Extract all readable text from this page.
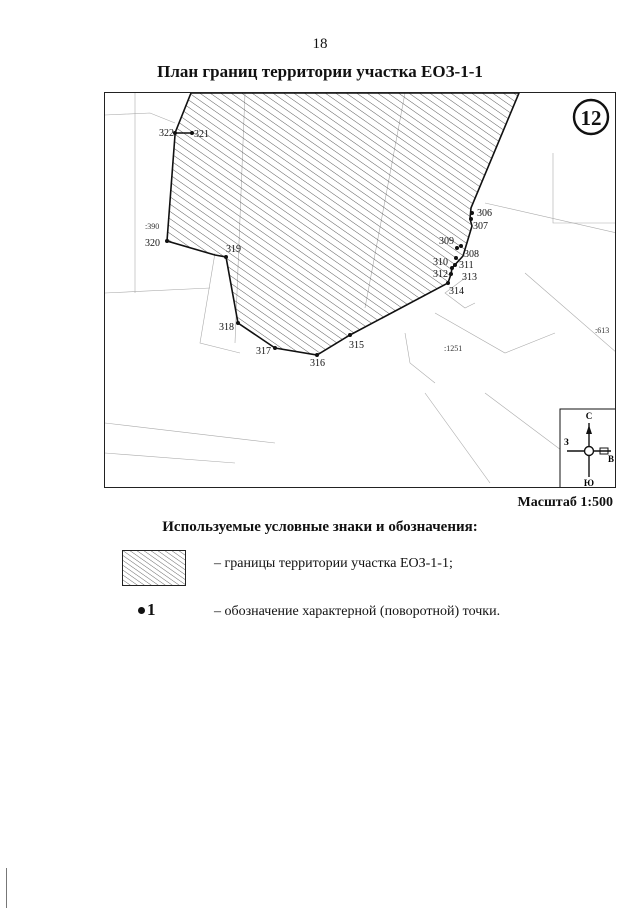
18
План границ территории участка ЕОЗ-1-1
322 321
320
319
318
317
316
315
314
313
312
311
310
309
308
307
306
:390
:1251
:613
12
С
Ю
З
В
Масштаб 1:500
Используемые условные знаки и обозначения:
– границы территории участка ЕОЗ-1-1;
1	– обозначение характерной (поворотной) точки.
